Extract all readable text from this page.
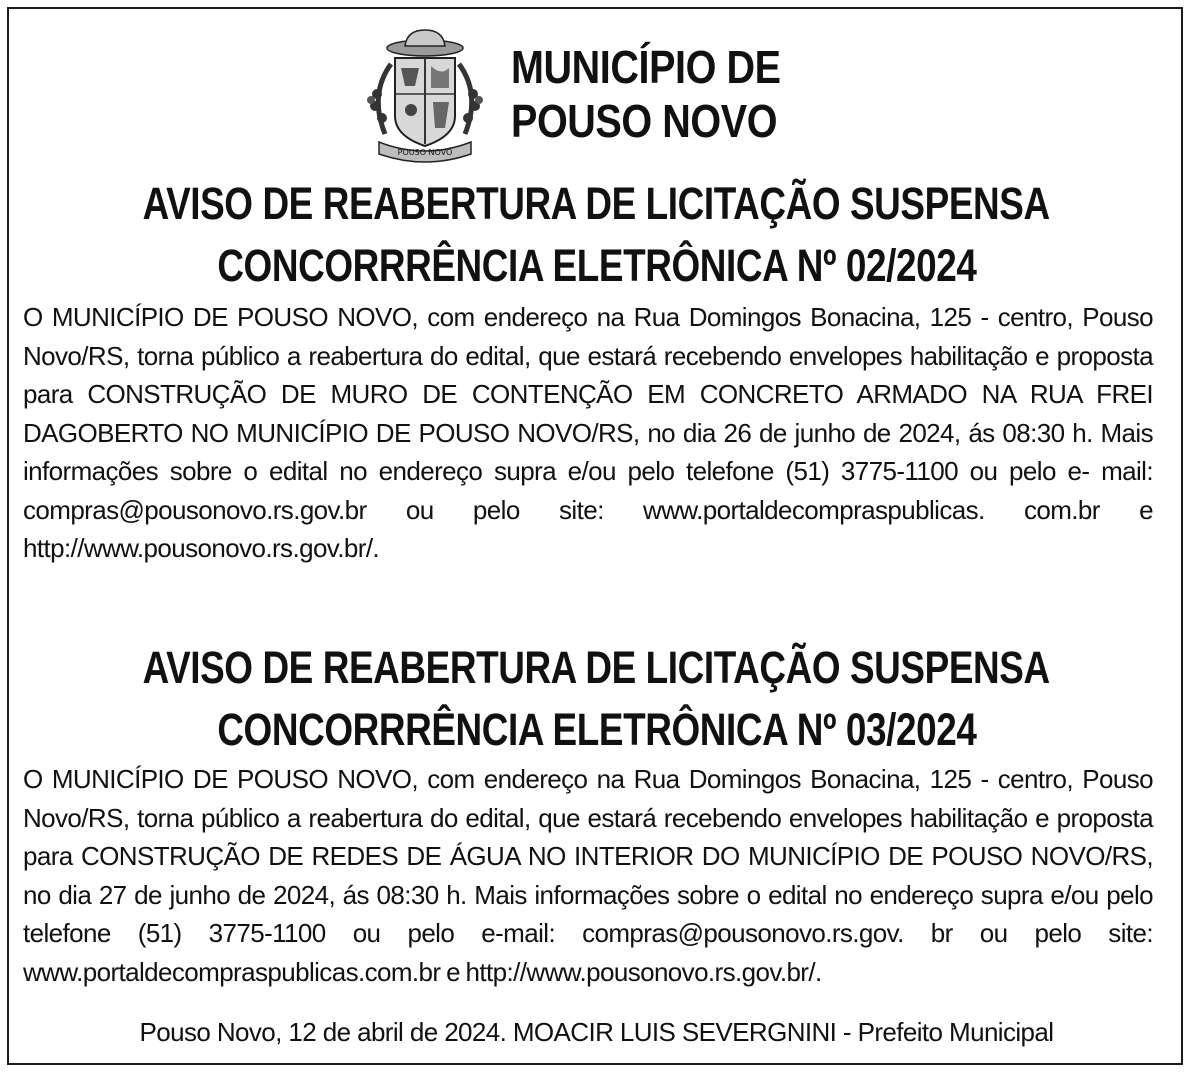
POUSO NOVO
MUNICÍPIO DE
POUSO NOVO
AVISO DE REABERTURA DE LICITAÇÃO SUSPENSA
CONCORRRÊNCIA ELETRÔNICA Nº 02/2024
O MUNICÍPIO DE POUSO NOVO, com endereço na Rua Domingos Bonacina, 125 - centro, Pouso Novo/RS, torna público a reabertura do edital, que estará recebendo envelopes habilitação e proposta para CONSTRUÇÃO DE MURO DE CONTENÇÃO EM CONCRETO ARMADO NA RUA FREI DAGOBERTO NO MUNICÍPIO DE POUSO NOVO/RS, no dia 26 de junho de 2024, ás 08:30 h. Mais informações sobre o edital no endereço supra e/ou pelo telefone (51) 3775-1100 ou pelo e- mail: compras@pousonovo.rs.gov.br ou pelo site: www.portaldecompraspublicas. com.br e http://www.pousonovo.rs.gov.br/.
AVISO DE REABERTURA DE LICITAÇÃO SUSPENSA
CONCORRRÊNCIA ELETRÔNICA Nº 03/2024
O MUNICÍPIO DE POUSO NOVO, com endereço na Rua Domingos Bonacina, 125 - centro, Pouso Novo/RS, torna público a reabertura do edital, que estará recebendo envelopes habilitação e proposta para CONSTRUÇÃO DE REDES DE ÁGUA NO INTERIOR DO MUNICÍPIO DE POUSO NOVO/RS, no dia 27 de junho de 2024, ás 08:30 h. Mais informações sobre o edital no endereço supra e/ou pelo telefone (51) 3775-1100 ou pelo e-mail: compras@pousonovo.rs.gov. br ou pelo site: www.portaldecompraspublicas.com.br e http://www.pousonovo.rs.gov.br/.
Pouso Novo, 12 de abril de 2024. MOACIR LUIS SEVERGNINI - Prefeito Municipal
